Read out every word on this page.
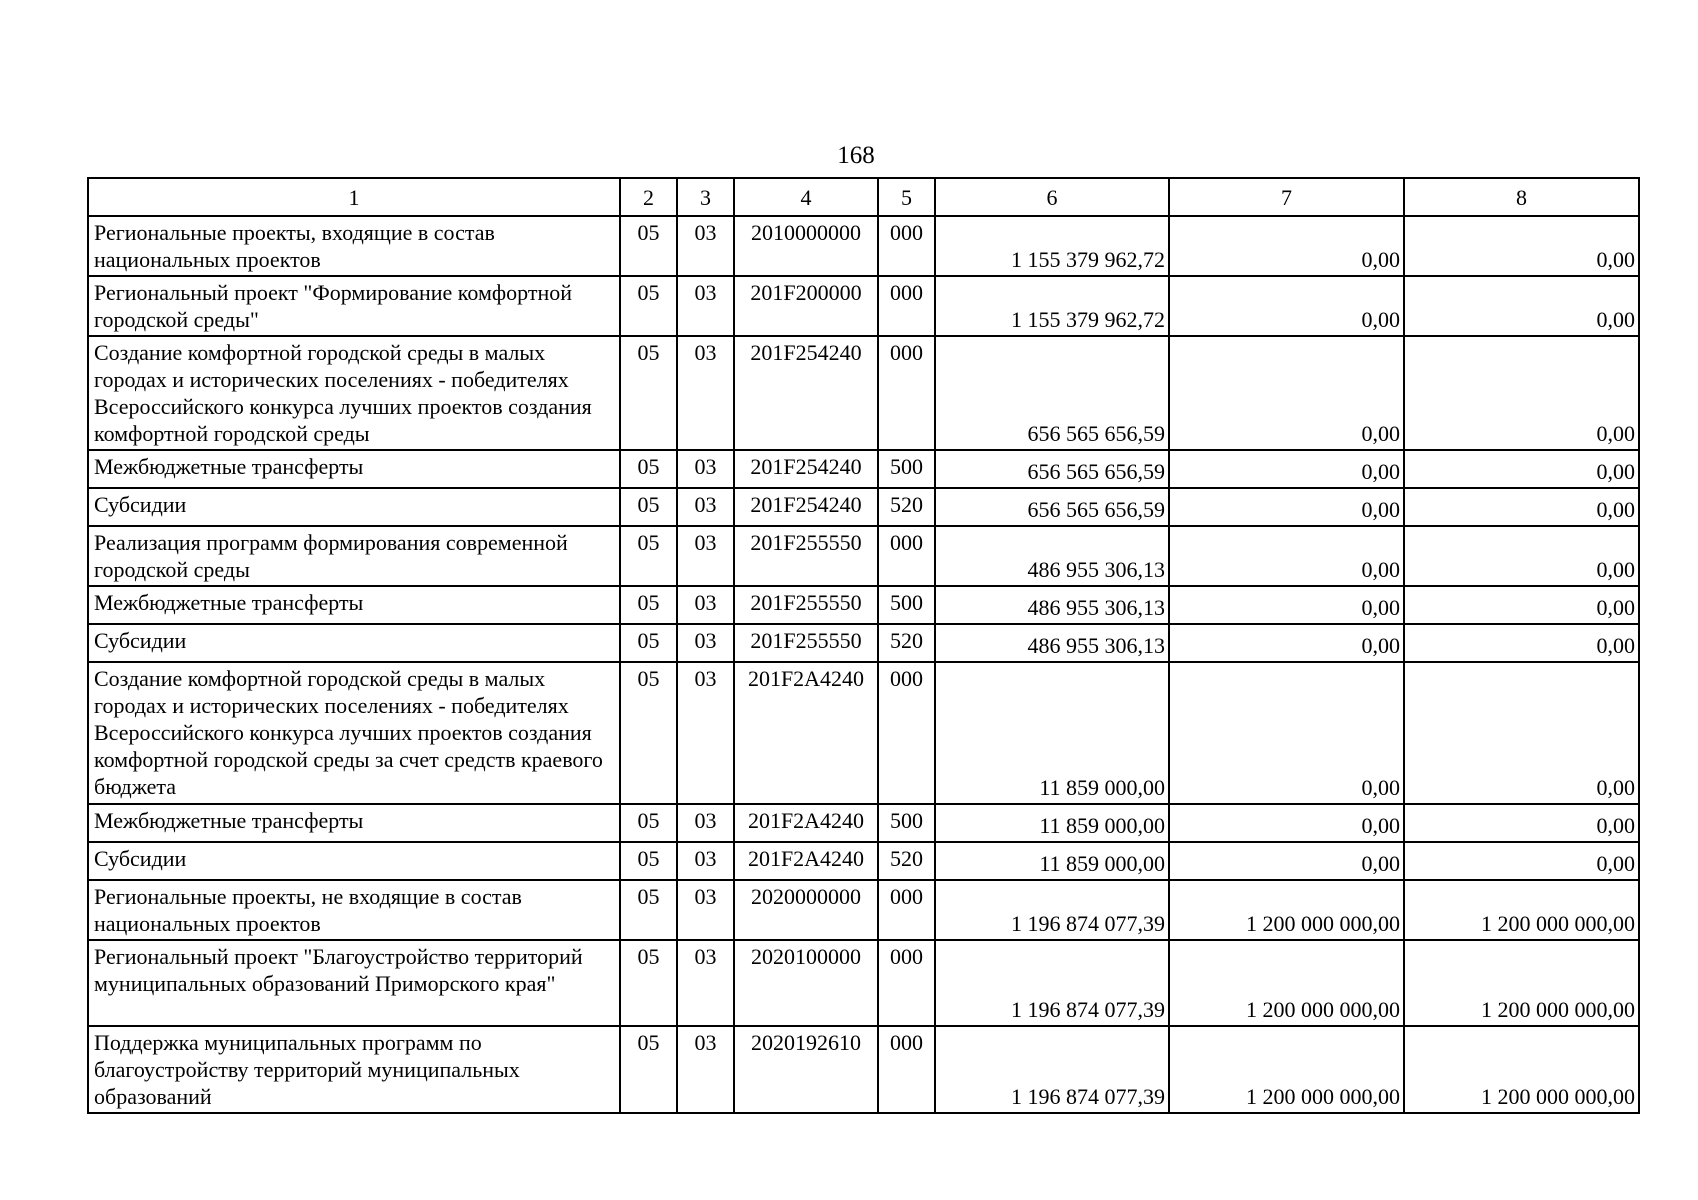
168
1	2	3	4	5	6	7	8
Региональные проекты, входящие в состав национальных проектов	05	03	2010000000	000	1 155 379 962,72	0,00	0,00
Региональный проект "Формирование комфортной городской среды"	05	03	201F200000	000	1 155 379 962,72	0,00	0,00
Создание комфортной городской среды в малых городах и исторических поселениях - победителях Всероссийского конкурса лучших проектов создания комфортной городской среды	05	03	201F254240	000	656 565 656,59	0,00	0,00
Межбюджетные трансферты	05	03	201F254240	500	656 565 656,59	0,00	0,00
Субсидии	05	03	201F254240	520	656 565 656,59	0,00	0,00
Реализация программ формирования современной городской среды	05	03	201F255550	000	486 955 306,13	0,00	0,00
Межбюджетные трансферты	05	03	201F255550	500	486 955 306,13	0,00	0,00
Субсидии	05	03	201F255550	520	486 955 306,13	0,00	0,00
Создание комфортной городской среды в малых городах и исторических поселениях - победителях Всероссийского конкурса лучших проектов создания комфортной городской среды за счет средств краевого бюджета	05	03	201F2A4240	000	11 859 000,00	0,00	0,00
Межбюджетные трансферты	05	03	201F2A4240	500	11 859 000,00	0,00	0,00
Субсидии	05	03	201F2A4240	520	11 859 000,00	0,00	0,00
Региональные проекты, не входящие в состав национальных проектов	05	03	2020000000	000	1 196 874 077,39	1 200 000 000,00	1 200 000 000,00
Региональный проект "Благоустройство территорий муниципальных образований Приморского края"	05	03	2020100000	000	1 196 874 077,39	1 200 000 000,00	1 200 000 000,00
Поддержка муниципальных программ по благоустройству территорий муниципальных образований	05	03	2020192610	000	1 196 874 077,39	1 200 000 000,00	1 200 000 000,00
